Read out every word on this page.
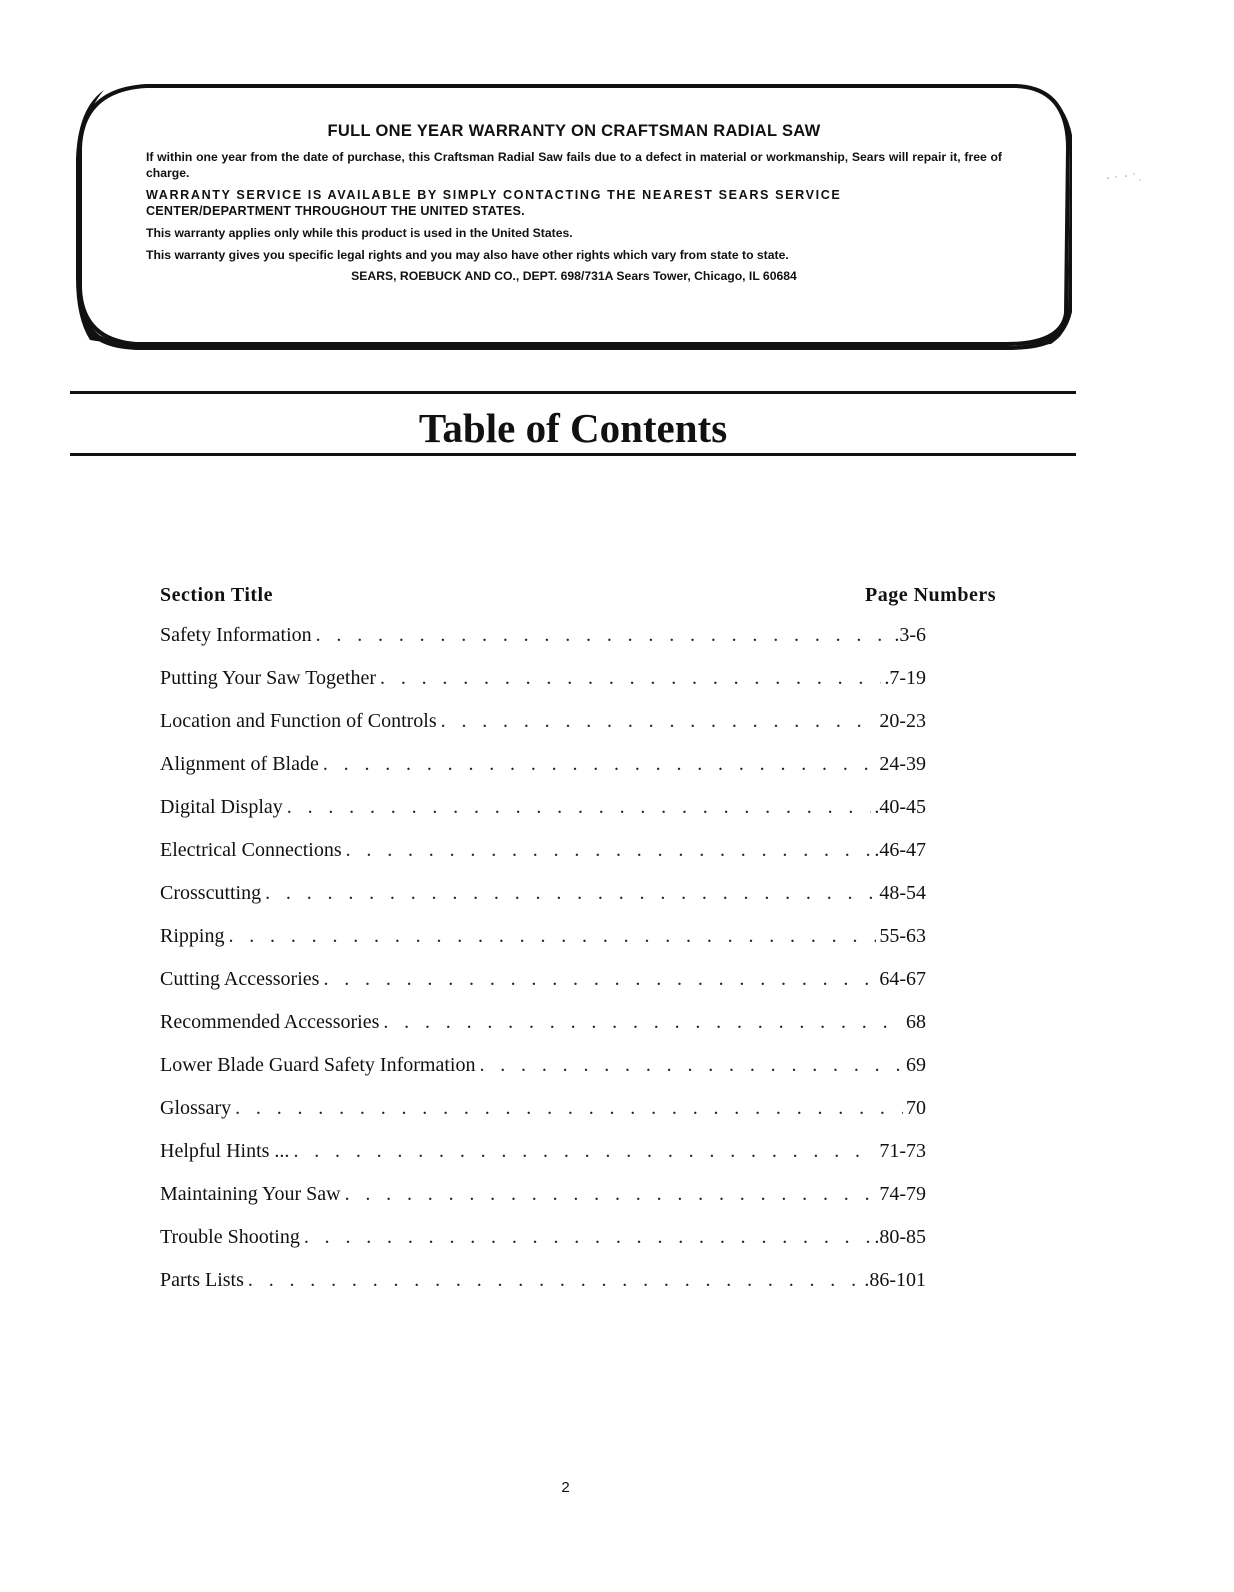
FULL ONE YEAR WARRANTY ON CRAFTSMAN RADIAL SAW

If within one year from the date of purchase, this Craftsman Radial Saw fails due to a defect in material or workmanship, Sears will repair it, free of charge.

WARRANTY SERVICE IS AVAILABLE BY SIMPLY CONTACTING THE NEAREST SEARS SERVICE
CENTER/DEPARTMENT THROUGHOUT THE UNITED STATES.

This warranty applies only while this product is used in the United States.

This warranty gives you specific legal rights and you may also have other rights which vary from state to state.

SEARS, ROEBUCK AND CO., DEPT. 698/731A Sears Tower, Chicago, IL 60684

Table of Contents
Section Title	Page Numbers
Safety Information . . .	.3-6
Putting Your Saw Together . . .	.7-19
Location and Function of Controls . . .	20-23
Alignment of Blade . . .	24-39
Digital Display . . .	.40-45
Electrical Connections . . .	.46-47
Crosscutting . . .	48-54
Ripping . . .	55-63
Cutting Accessories . . .	64-67
Recommended Accessories . . .	68
Lower Blade Guard Safety Information . . .	69
Glossary . . .	70
Helpful Hints ... . . .	71-73
Maintaining Your Saw . . .	74-79
Trouble Shooting . . .	.80-85
Parts Lists . . .	.86-101
2
